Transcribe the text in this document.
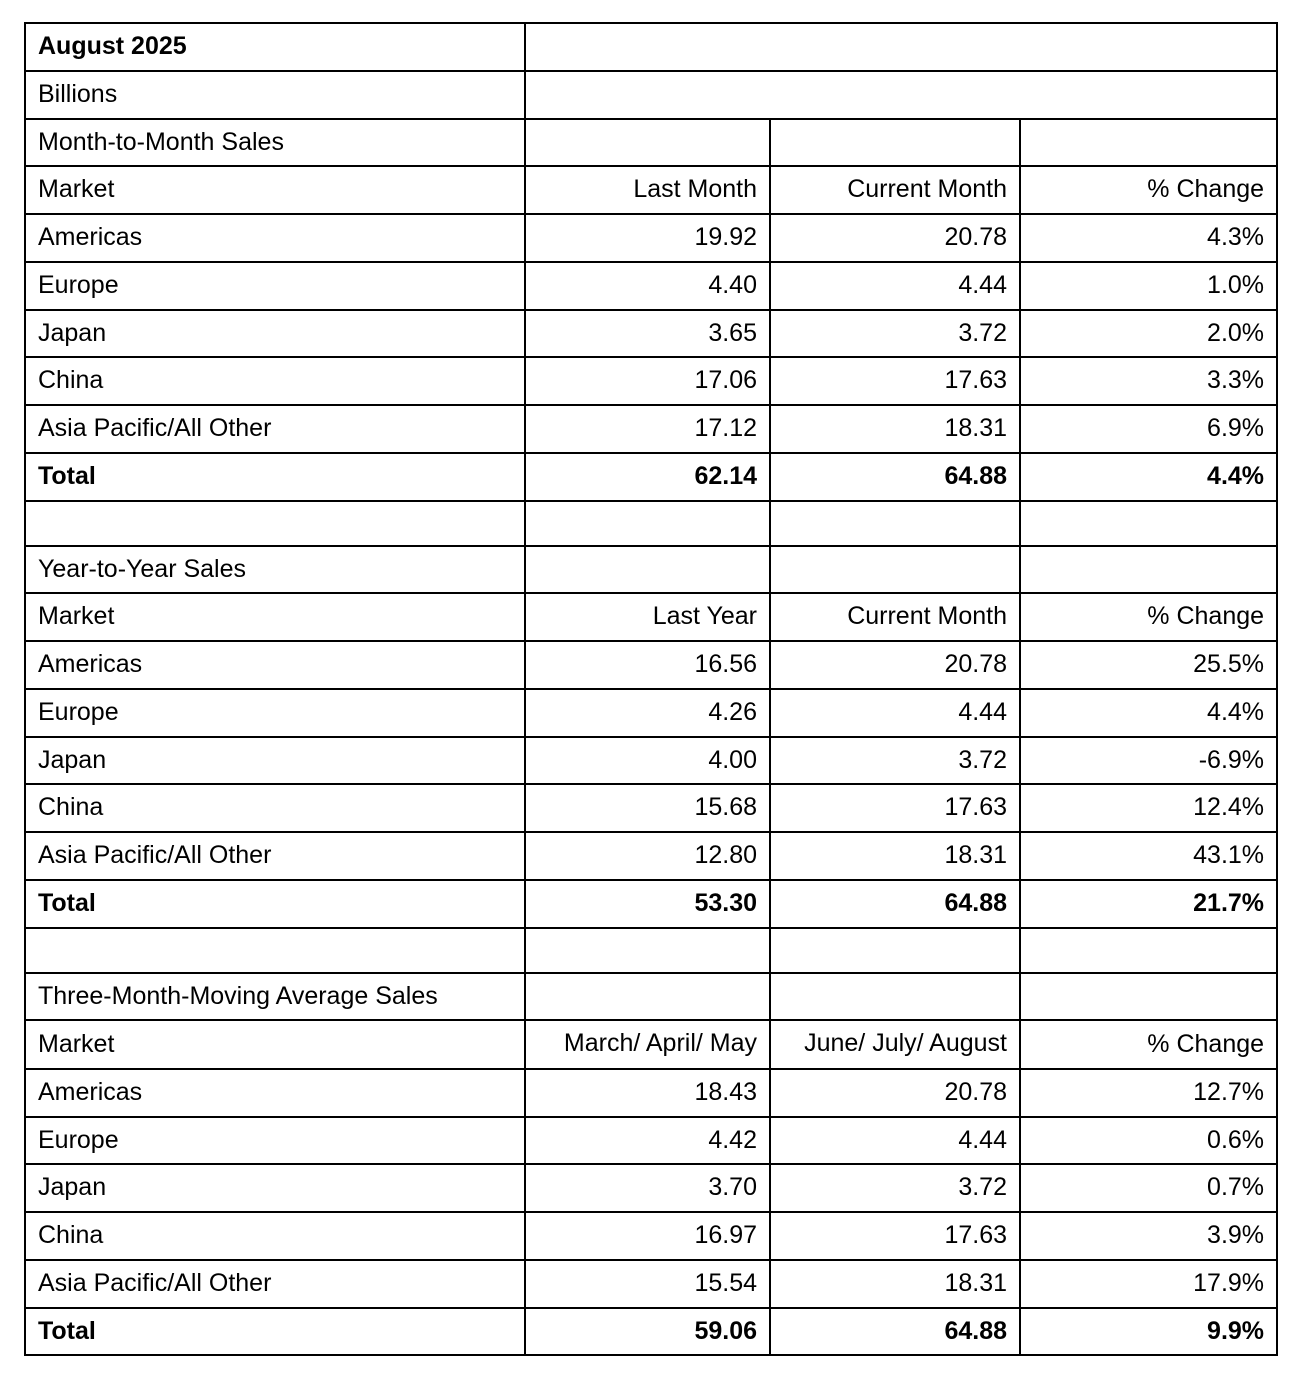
August 2025			
Billions			
Month-to-Month Sales			
Market	Last Month	Current Month	% Change
Americas	19.92	20.78	4.3%
Europe	4.40	4.44	1.0%
Japan	3.65	3.72	2.0%
China	17.06	17.63	3.3%
Asia Pacific/All Other	17.12	18.31	6.9%
Total	62.14	64.88	4.4%

Year-to-Year Sales			
Market	Last Year	Current Month	% Change
Americas	16.56	20.78	25.5%
Europe	4.26	4.44	4.4%
Japan	4.00	3.72	-6.9%
China	15.68	17.63	12.4%
Asia Pacific/All Other	12.80	18.31	43.1%
Total	53.30	64.88	21.7%

Three-Month-Moving Average Sales			
Market	March/ April/ May	June/ July/ August	% Change
Americas	18.43	20.78	12.7%
Europe	4.42	4.44	0.6%
Japan	3.70	3.72	0.7%
China	16.97	17.63	3.9%
Asia Pacific/All Other	15.54	18.31	17.9%
Total	59.06	64.88	9.9%
